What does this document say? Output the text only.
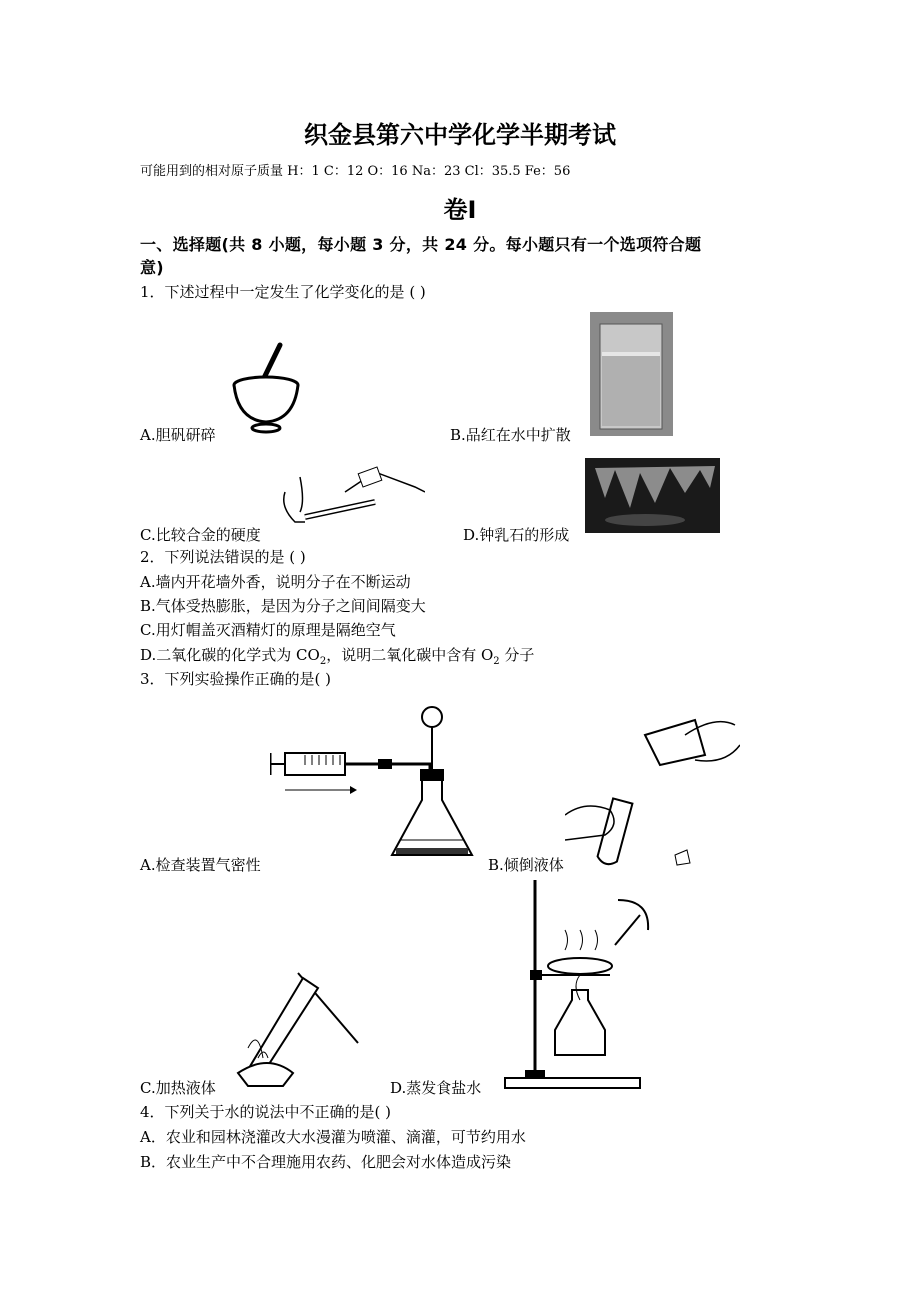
织金县第六中学化学半期考试
可能用到的相对原子质量 H：1 C：12 O：16 Na：23 Cl：35.5 Fe：56
卷Ⅰ
一、选择题(共 8 小题，每小题 3 分，共 24 分。每小题只有一个选项符合题
意)
1．下述过程中一定发生了化学变化的是 ( )
A.胆矾研碎	B.品红在水中扩散
C.比较合金的硬度	D.钟乳石的形成
2．下列说法错误的是 ( )
A.墙内开花墙外香，说明分子在不断运动
B.气体受热膨胀，是因为分子之间间隔变大
C.用灯帽盖灭酒精灯的原理是隔绝空气
D.二氧化碳的化学式为 $CO_2$，说明二氧化碳中含有 $O_2$ 分子
3．下列实验操作正确的是( )
A.检查装置气密性	B.倾倒液体
C.加热液体	D.蒸发食盐水
4．下列关于水的说法中不正确的是( )
A．农业和园林浇灌改大水漫灌为喷灌、滴灌，可节约用水
B．农业生产中不合理施用农药、化肥会对水体造成污染
